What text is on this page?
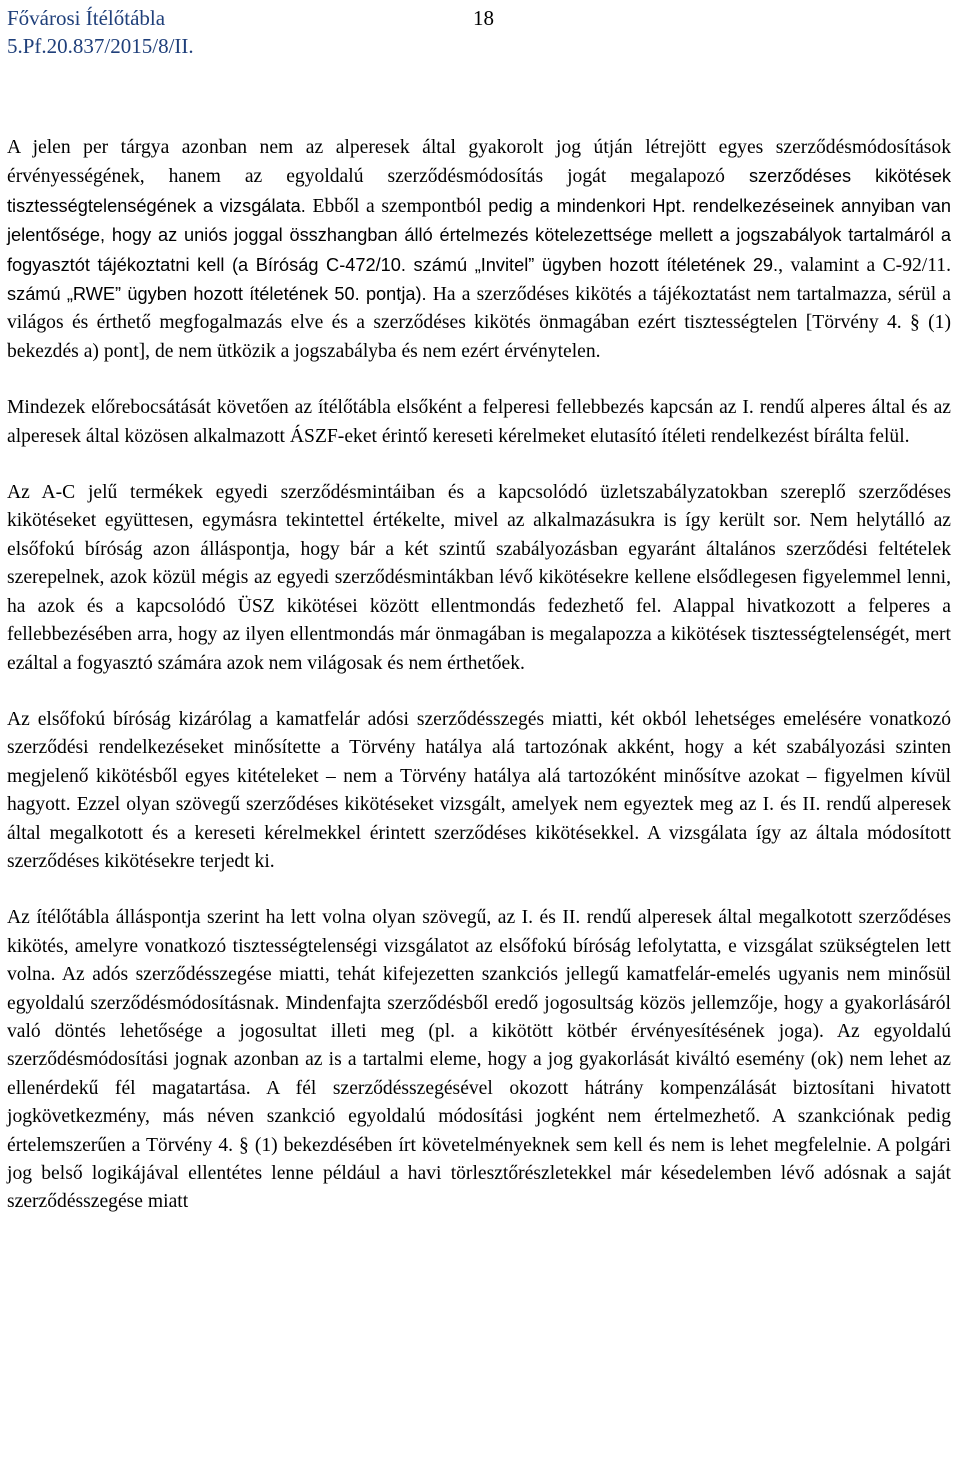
Fővárosi Ítélőtábla
5.Pf.20.837/2015/8/II.
18

A jelen per tárgya azonban nem az alperesek által gyakorolt jog útján létrejött egyes szerződésmódosítások érvényességének, hanem az egyoldalú szerződésmódosítás jogát megalapozó szerződéses kikötések tisztességtelenségének a vizsgálata. Ebből a szempontból pedig a mindenkori Hpt. rendelkezéseinek annyiban van jelentősége, hogy az uniós joggal összhangban álló értelmezés kötelezettsége mellett a jogszabályok tartalmáról a fogyasztót tájékoztatni kell (a Bíróság C-472/10. számú „Invitel” ügyben hozott ítéletének 29., valamint a C-92/11. számú „RWE” ügyben hozott ítéletének 50. pontja). Ha a szerződéses kikötés a tájékoztatást nem tartalmazza, sérül a világos és érthető megfogalmazás elve és a szerződéses kikötés önmagában ezért tisztességtelen [Törvény 4. § (1) bekezdés a) pont], de nem ütközik a jogszabályba és nem ezért érvénytelen.

Mindezek előrebocsátását követően az ítélőtábla elsőként a felperesi fellebbezés kapcsán az I. rendű alperes által és az alperesek által közösen alkalmazott ÁSZF-eket érintő kereseti kérelmeket elutasító ítéleti rendelkezést bírálta felül.

Az A-C jelű termékek egyedi szerződésmintáiban és a kapcsolódó üzletszabályzatokban szereplő szerződéses kikötéseket együttesen, egymásra tekintettel értékelte, mivel az alkalmazásukra is így került sor. Nem helytálló az elsőfokú bíróság azon álláspontja, hogy bár a két szintű szabályozásban egyaránt általános szerződési feltételek szerepelnek, azok közül mégis az egyedi szerződésmintákban lévő kikötésekre kellene elsődlegesen figyelemmel lenni, ha azok és a kapcsolódó ÜSZ kikötései között ellentmondás fedezhető fel. Alappal hivatkozott a felperes a fellebbezésében arra, hogy az ilyen ellentmondás már önmagában is megalapozza a kikötések tisztességtelenségét, mert ezáltal a fogyasztó számára azok nem világosak és nem érthetőek.

Az elsőfokú bíróság kizárólag a kamatfelár adósi szerződésszegés miatti, két okból lehetséges emelésére vonatkozó szerződési rendelkezéseket minősítette a Törvény hatálya alá tartozónak akként, hogy a két szabályozási szinten megjelenő kikötésből egyes kitételeket – nem a Törvény hatálya alá tartozóként minősítve azokat – figyelmen kívül hagyott. Ezzel olyan szövegű szerződéses kikötéseket vizsgált, amelyek nem egyeztek meg az I. és II. rendű alperesek által megalkotott és a kereseti kérelmekkel érintett szerződéses kikötésekkel. A vizsgálata így az általa módosított szerződéses kikötésekre terjedt ki.

Az ítélőtábla álláspontja szerint ha lett volna olyan szövegű, az I. és II. rendű alperesek által megalkotott szerződéses kikötés, amelyre vonatkozó tisztességtelenségi vizsgálatot az elsőfokú bíróság lefolytatta, e vizsgálat szükségtelen lett volna. Az adós szerződésszegése miatti, tehát kifejezetten szankciós jellegű kamatfelár-emelés ugyanis nem minősül egyoldalú szerződésmódosításnak. Mindenfajta szerződésből eredő jogosultság közös jellemzője, hogy a gyakorlásáról való döntés lehetősége a jogosultat illeti meg (pl. a kikötött kötbér érvényesítésének joga). Az egyoldalú szerződésmódosítási jognak azonban az is a tartalmi eleme, hogy a jog gyakorlását kiváltó esemény (ok) nem lehet az ellenérdekű fél magatartása. A fél szerződésszegésével okozott hátrány kompenzálását biztosítani hivatott jogkövetkezmény, más néven szankció egyoldalú módosítási jogként nem értelmezhető. A szankciónak pedig értelemszerűen a Törvény 4. § (1) bekezdésében írt követelményeknek sem kell és nem is lehet megfelelnie. A polgári jog belső logikájával ellentétes lenne például a havi törlesztőrészletekkel már késedelemben lévő adósnak a saját szerződésszegése miatt
